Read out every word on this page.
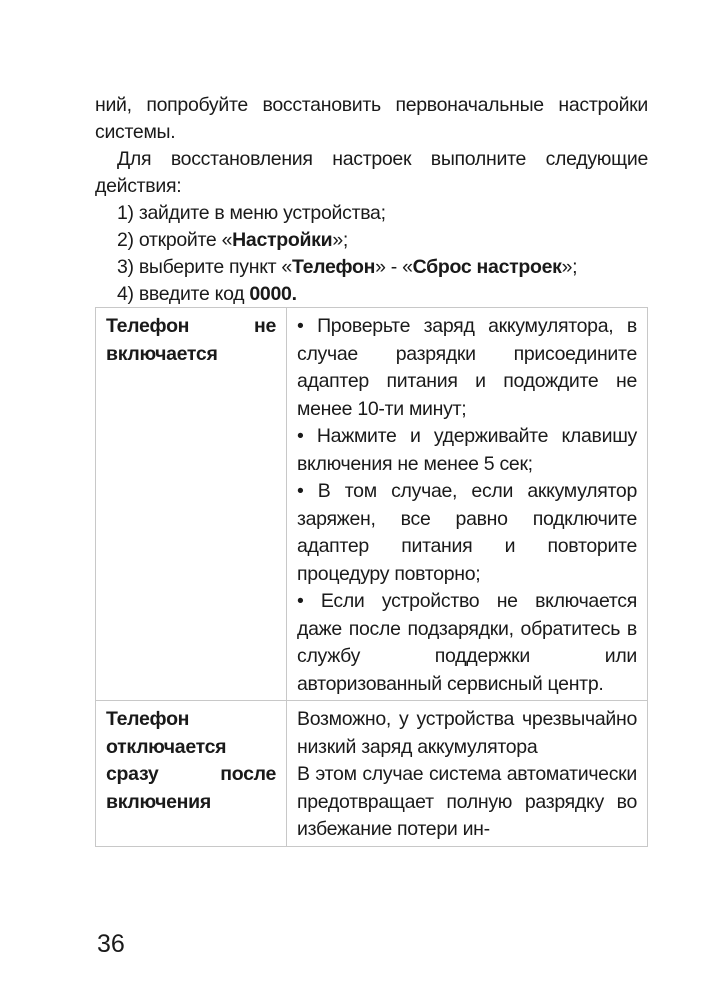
ний, попробуйте восстановить первоначальные настройки системы.

Для восстановления настроек выполните следующие действия:

1) зайдите в меню устройства;

2) откройте «Настройки»;

3) выберите пункт «Телефон» - «Сброс настроек»;

4) введите код 0000.

Телефон не включается	• Проверьте заряд аккумулятора, в случае разрядки присоедините адаптер питания и подождите не менее 10-ти минут;

• Нажмите и удерживайте клавишу включения не менее 5 сек;

• В том случае, если аккумулятор заряжен, все равно подключите адаптер питания и повторите процедуру повторно;

• Если устройство не включается даже после подзарядки, обратитесь в службу поддержки или авторизованный сервисный центр.

Телефон отключается сразу после включения	Возможно, у устройства чрезвычайно низкий заряд аккумулятора

В этом случае система автоматически предотвращает полную разрядку во избежание потери ин-

36
